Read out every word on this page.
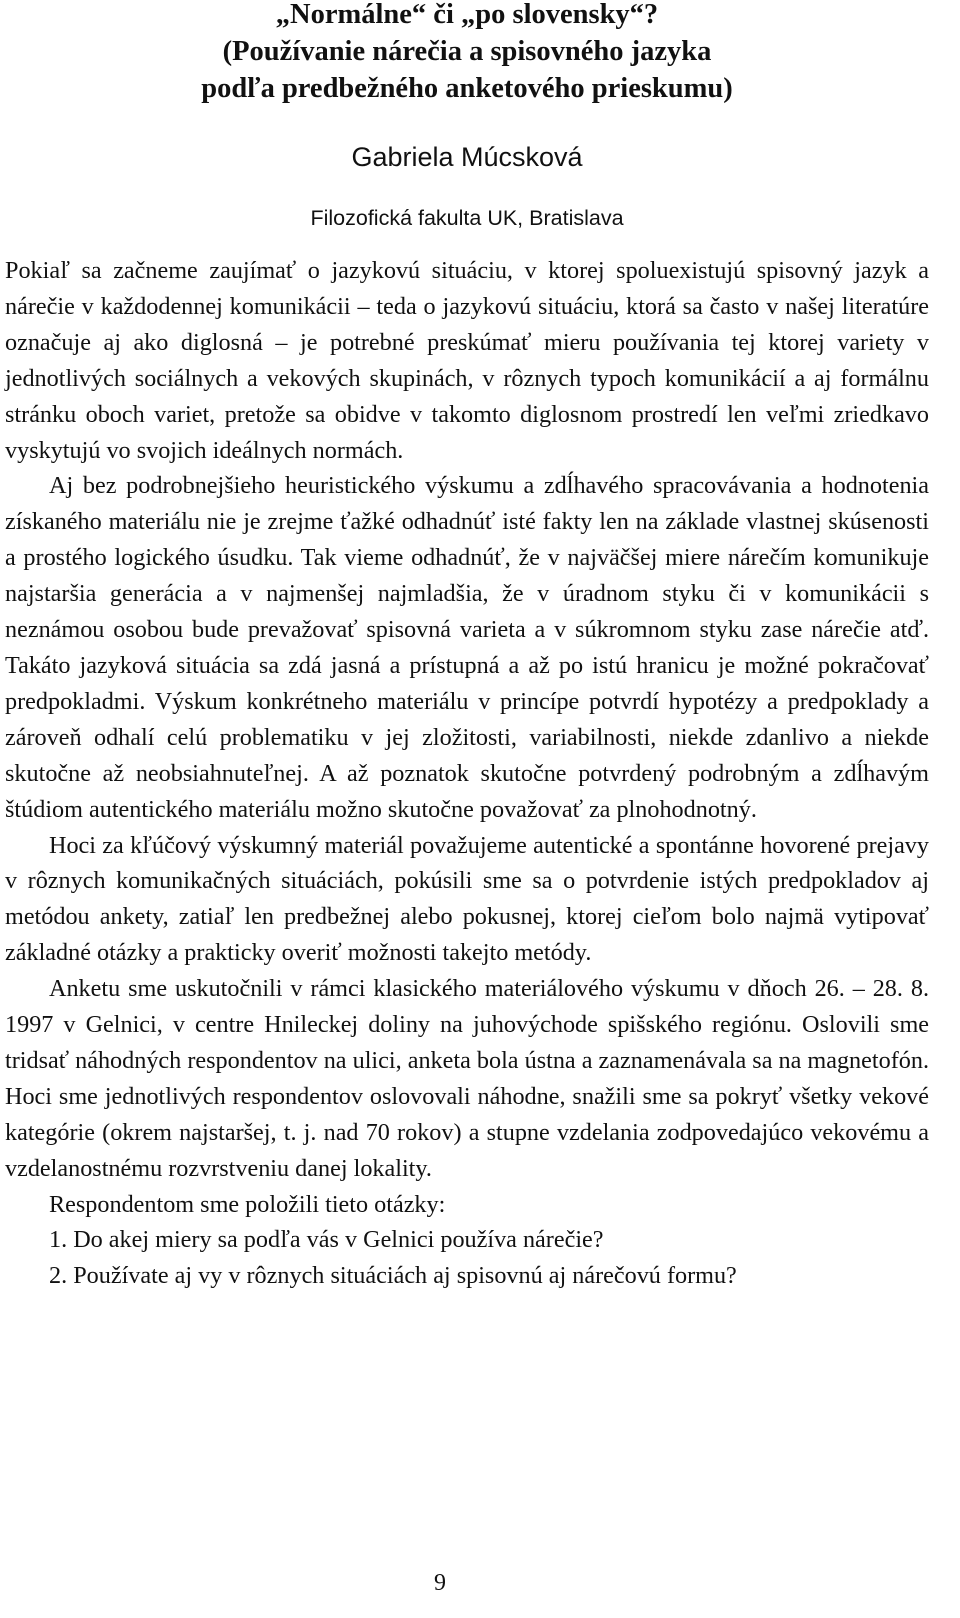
„Normálne“ či „po slovensky“?
(Používanie nárečia a spisovného jazyka
podľa predbežného anketového prieskumu)
Gabriela Múcsková
Filozofická fakulta UK, Bratislava

Pokiaľ sa začneme zaujímať o jazykovú situáciu, v ktorej spoluexistujú spisovný jazyk a nárečie v každodennej komunikácii – teda o jazykovú situáciu, ktorá sa často v našej literatúre označuje aj ako diglosná – je potrebné preskúmať mieru používania tej ktorej variety v jednotlivých sociálnych a vekových skupinách, v rôznych typoch komunikácií a aj formálnu stránku oboch variet, pretože sa obidve v takomto diglosnom prostredí len veľmi zriedkavo vyskytujú vo svojich ideálnych normách.

Aj bez podrobnejšieho heuristického výskumu a zdĺhavého spracovávania a hodnotenia získaného materiálu nie je zrejme ťažké odhadnúť isté fakty len na základe vlastnej skúsenosti a prostého logického úsudku. Tak vieme odhadnúť, že v najväčšej miere nárečím komunikuje najstaršia generácia a v najmenšej najmladšia, že v úradnom styku či v komunikácii s neznámou osobou bude prevažovať spisovná varieta a v súkromnom styku zase nárečie atď. Takáto jazyková situácia sa zdá jasná a prístupná a až po istú hranicu je možné pokračovať predpokladmi. Výskum konkrétneho materiálu v princípe potvrdí hypotézy a predpoklady a zároveň odhalí celú problematiku v jej zložitosti, variabilnosti, niekde zdanlivo a niekde skutočne až neobsiahnuteľnej. A až poznatok skutočne potvrdený podrobným a zdĺhavým štúdiom autentického materiálu možno skutočne považovať za plnohodnotný.

Hoci za kľúčový výskumný materiál považujeme autentické a spontánne hovorené prejavy v rôznych komunikačných situáciách, pokúsili sme sa o potvrdenie istých predpokladov aj metódou ankety, zatiaľ len predbežnej alebo pokusnej, ktorej cieľom bolo najmä vytipovať základné otázky a prakticky overiť možnosti takejto metódy.

Anketu sme uskutočnili v rámci klasického materiálového výskumu v dňoch 26. – 28. 8. 1997 v Gelnici, v centre Hnileckej doliny na juhovýchode spišského regiónu. Oslovili sme tridsať náhodných respondentov na ulici, anketa bola ústna a zaznamenávala sa na magnetofón. Hoci sme jednotlivých respondentov oslovovali náhodne, snažili sme sa pokryť všetky vekové kategórie (okrem najstaršej, t. j. nad 70 rokov) a stupne vzdelania zodpovedajúco vekovému a vzdelanostnému rozvrstveniu danej lokality.

Respondentom sme položili tieto otázky:
1. Do akej miery sa podľa vás v Gelnici používa nárečie?
2. Používate aj vy v rôznych situáciách aj spisovnú aj nárečovú formu?
9
